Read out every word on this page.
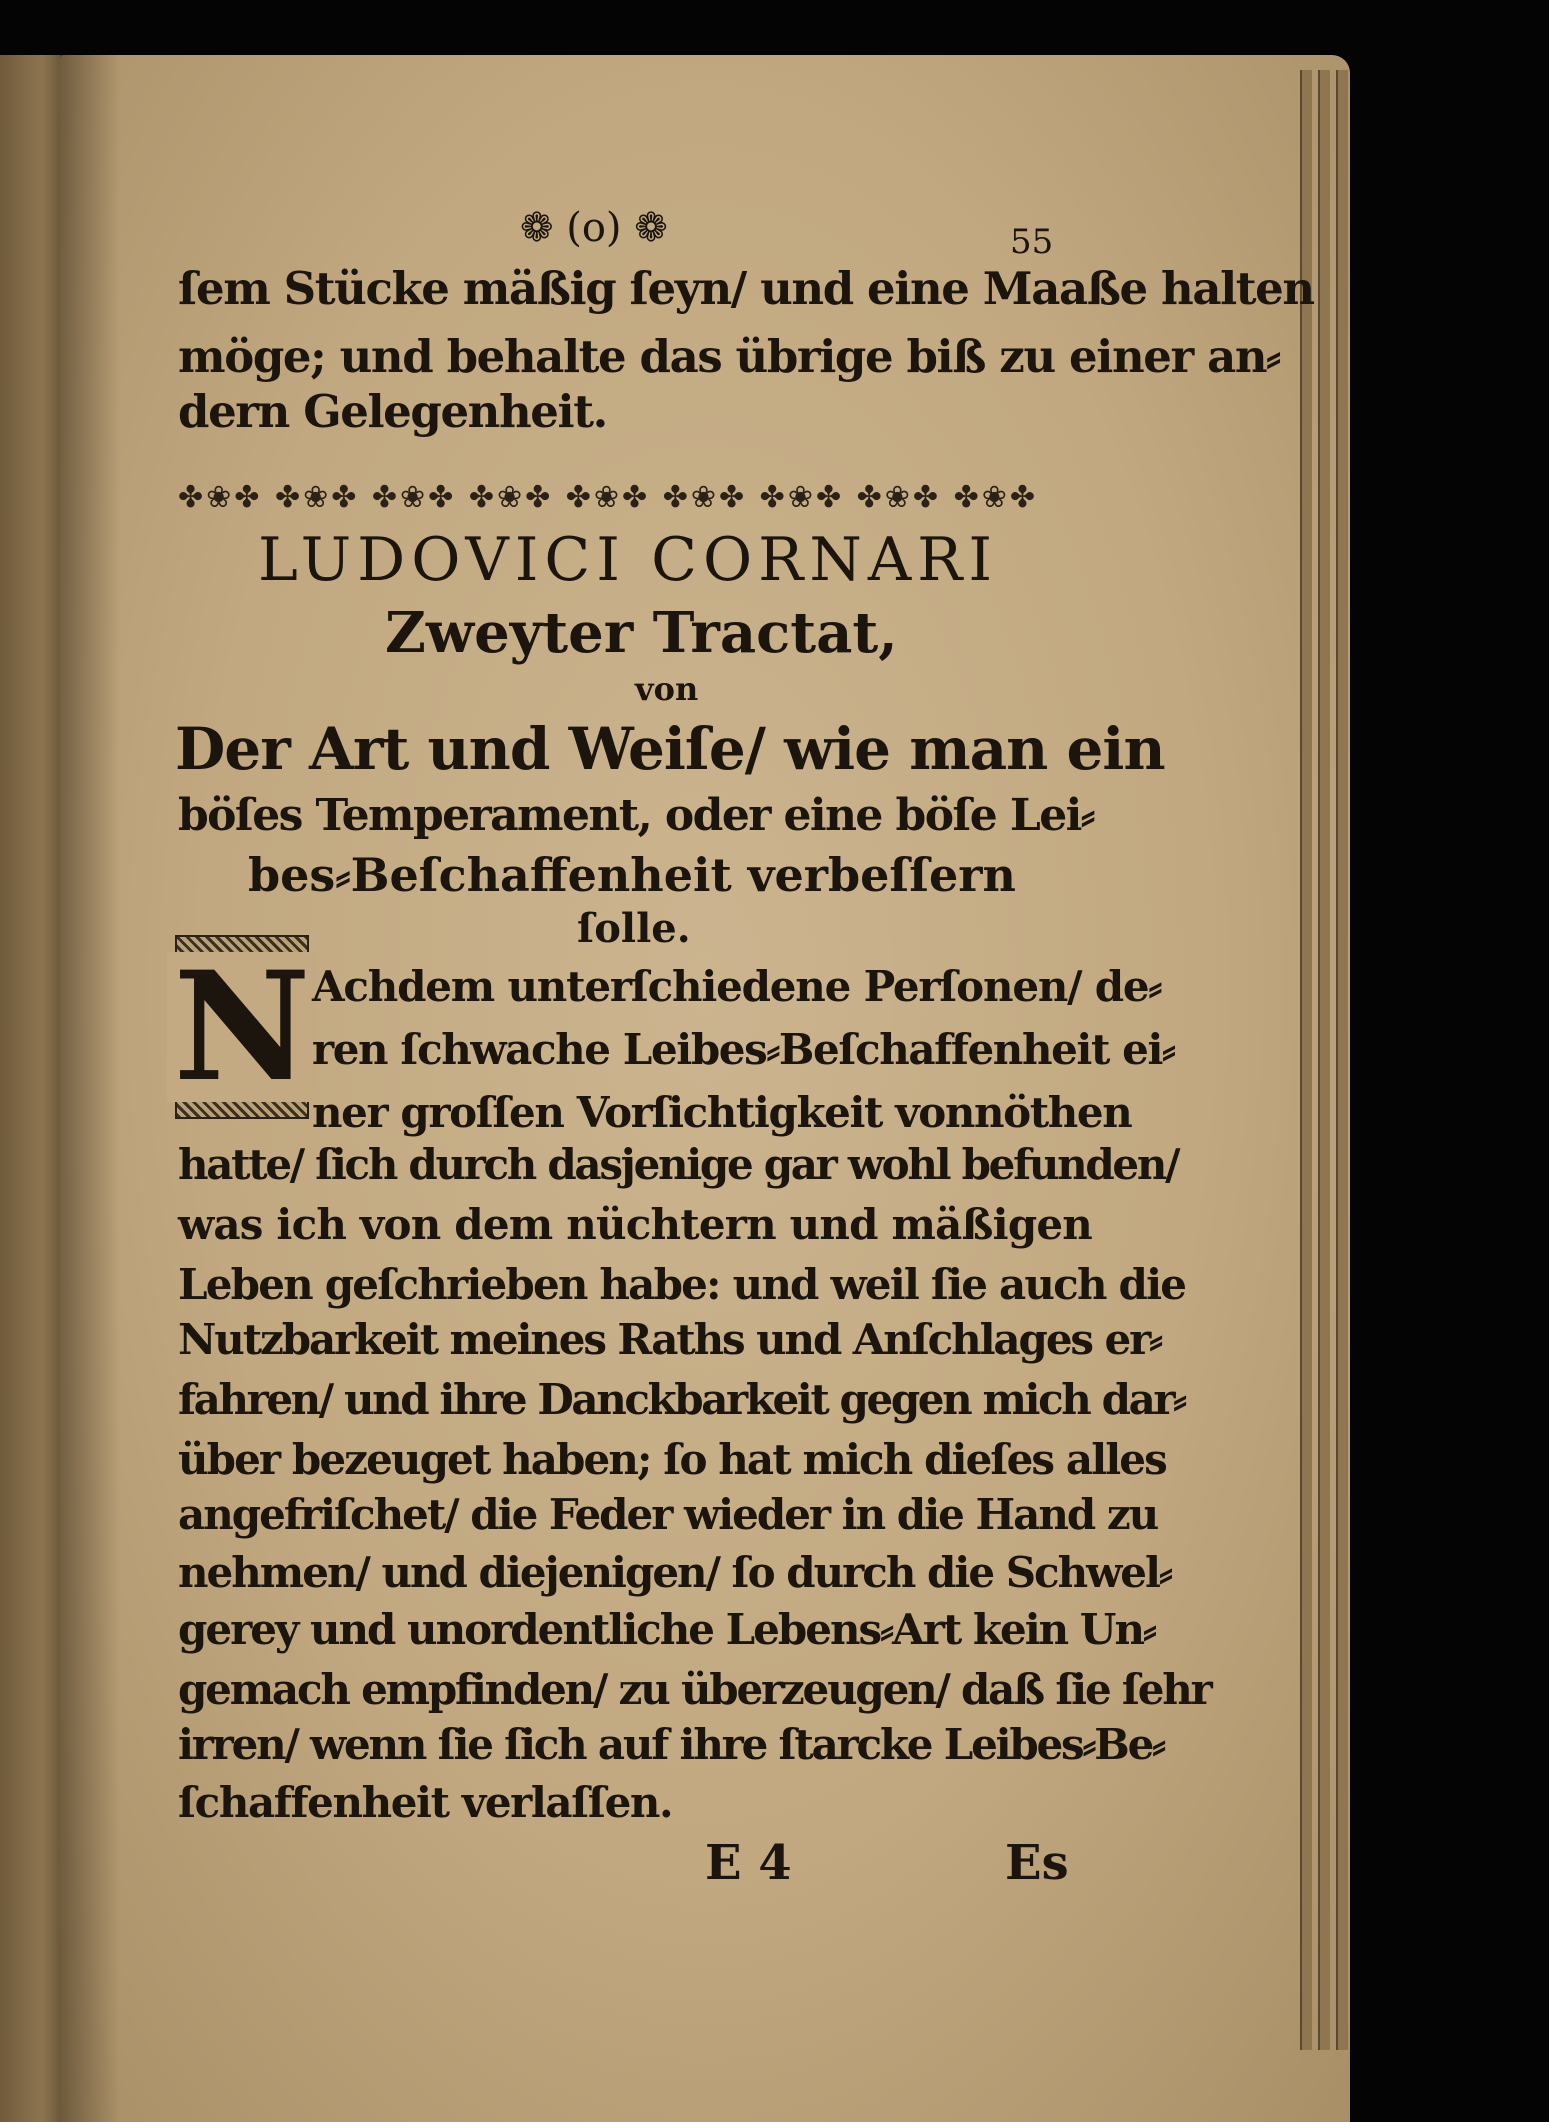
❁ (o) ❁	55
ſem Stücke mäßig ſeyn/ und eine Maaße halten
möge; und behalte das übrige biß zu einer an⸗
dern Gelegenheit.
✤❀✤ ✤❀✤ ✤❀✤ ✤❀✤ ✤❀✤ ✤❀✤ ✤❀✤ ✤❀✤ ✤❀✤
LUDOVICI CORNARI
Zweyter Tractat,
von
Der Art und Weiſe/ wie man ein
böſes Temperament, oder eine böſe Lei⸗
bes⸗Beſchaffenheit verbeſſern
ſolle.
N Achdem unterſchiedene Perſonen/ de⸗
ren ſchwache Leibes⸗Beſchaffenheit ei⸗
ner groſſen Vorſichtigkeit vonnöthen
hatte/ ſich durch dasjenige gar wohl befunden/
was ich von dem nüchtern und mäßigen
Leben geſchrieben habe: und weil ſie auch die
Nutzbarkeit meines Raths und Anſchlages er⸗
fahren/ und ihre Danckbarkeit gegen mich dar⸗
über bezeuget haben; ſo hat mich dieſes alles
angefriſchet/ die Feder wieder in die Hand zu
nehmen/ und diejenigen/ ſo durch die Schwel⸗
gerey und unordentliche Lebens⸗Art kein Un⸗
gemach empfinden/ zu überzeugen/ daß ſie ſehr
irren/ wenn ſie ſich auf ihre ſtarcke Leibes⸗Be⸗
ſchaffenheit verlaſſen.
E 4	Es
